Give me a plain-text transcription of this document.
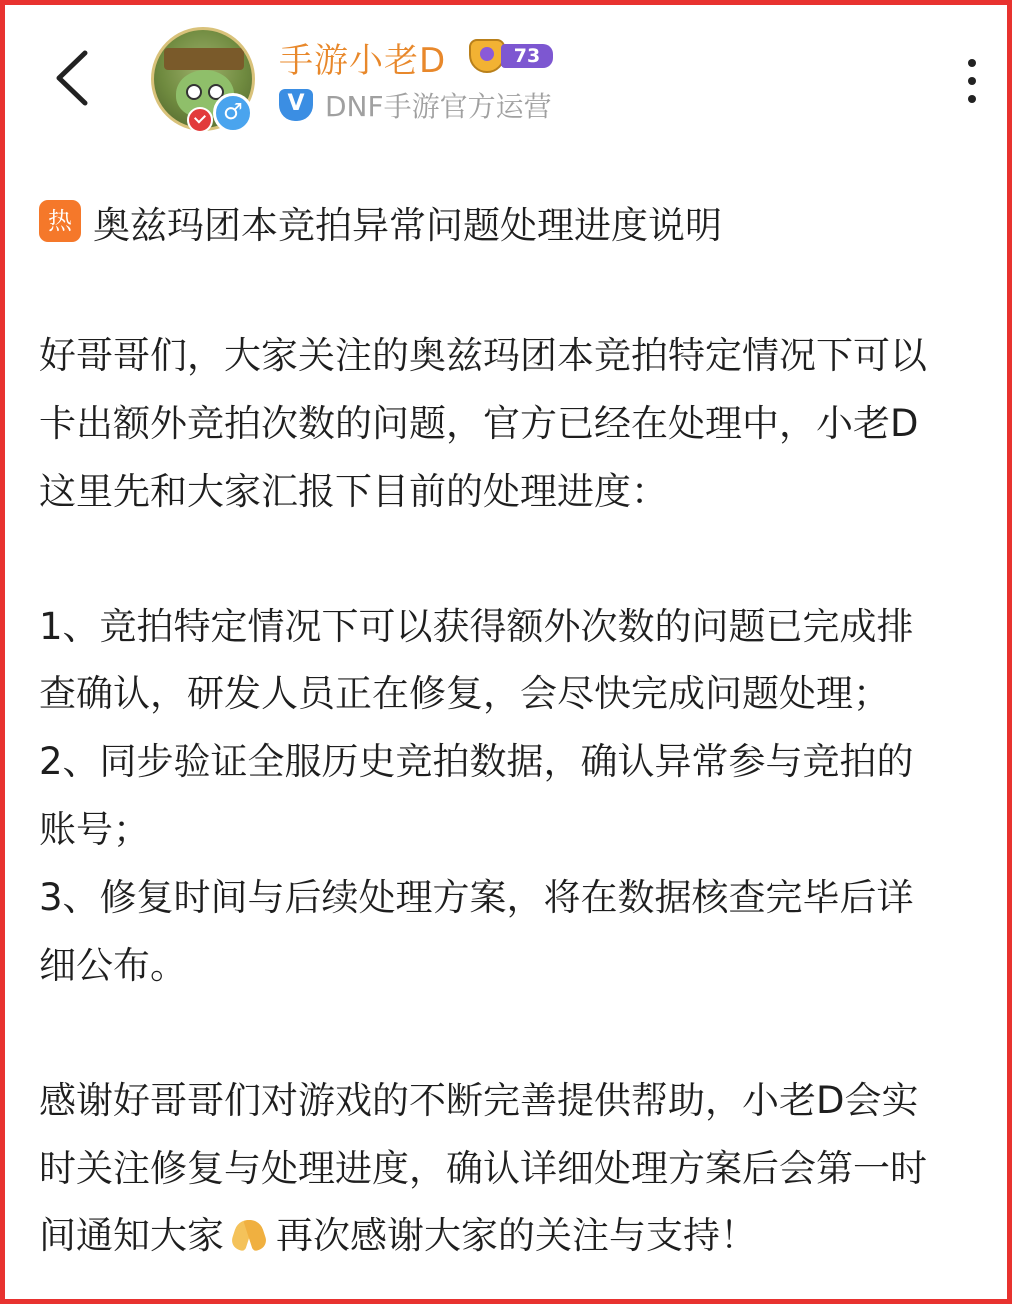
♂
手游小老D	73
V DNF手游官方运营
热 奥兹玛团本竞拍异常问题处理进度说明
好哥哥们，大家关注的奥兹玛团本竞拍特定情况下可以
卡出额外竞拍次数的问题，官方已经在处理中，小老D
这里先和大家汇报下目前的处理进度：
1、竞拍特定情况下可以获得额外次数的问题已完成排
查确认，研发人员正在修复，会尽快完成问题处理；
2、同步验证全服历史竞拍数据，确认异常参与竞拍的
账号；
3、修复时间与后续处理方案，将在数据核查完毕后详
细公布。
感谢好哥哥们对游戏的不断完善提供帮助，小老D会实
时关注修复与处理进度，确认详细处理方案后会第一时
间通知大家 再次感谢大家的关注与支持！
